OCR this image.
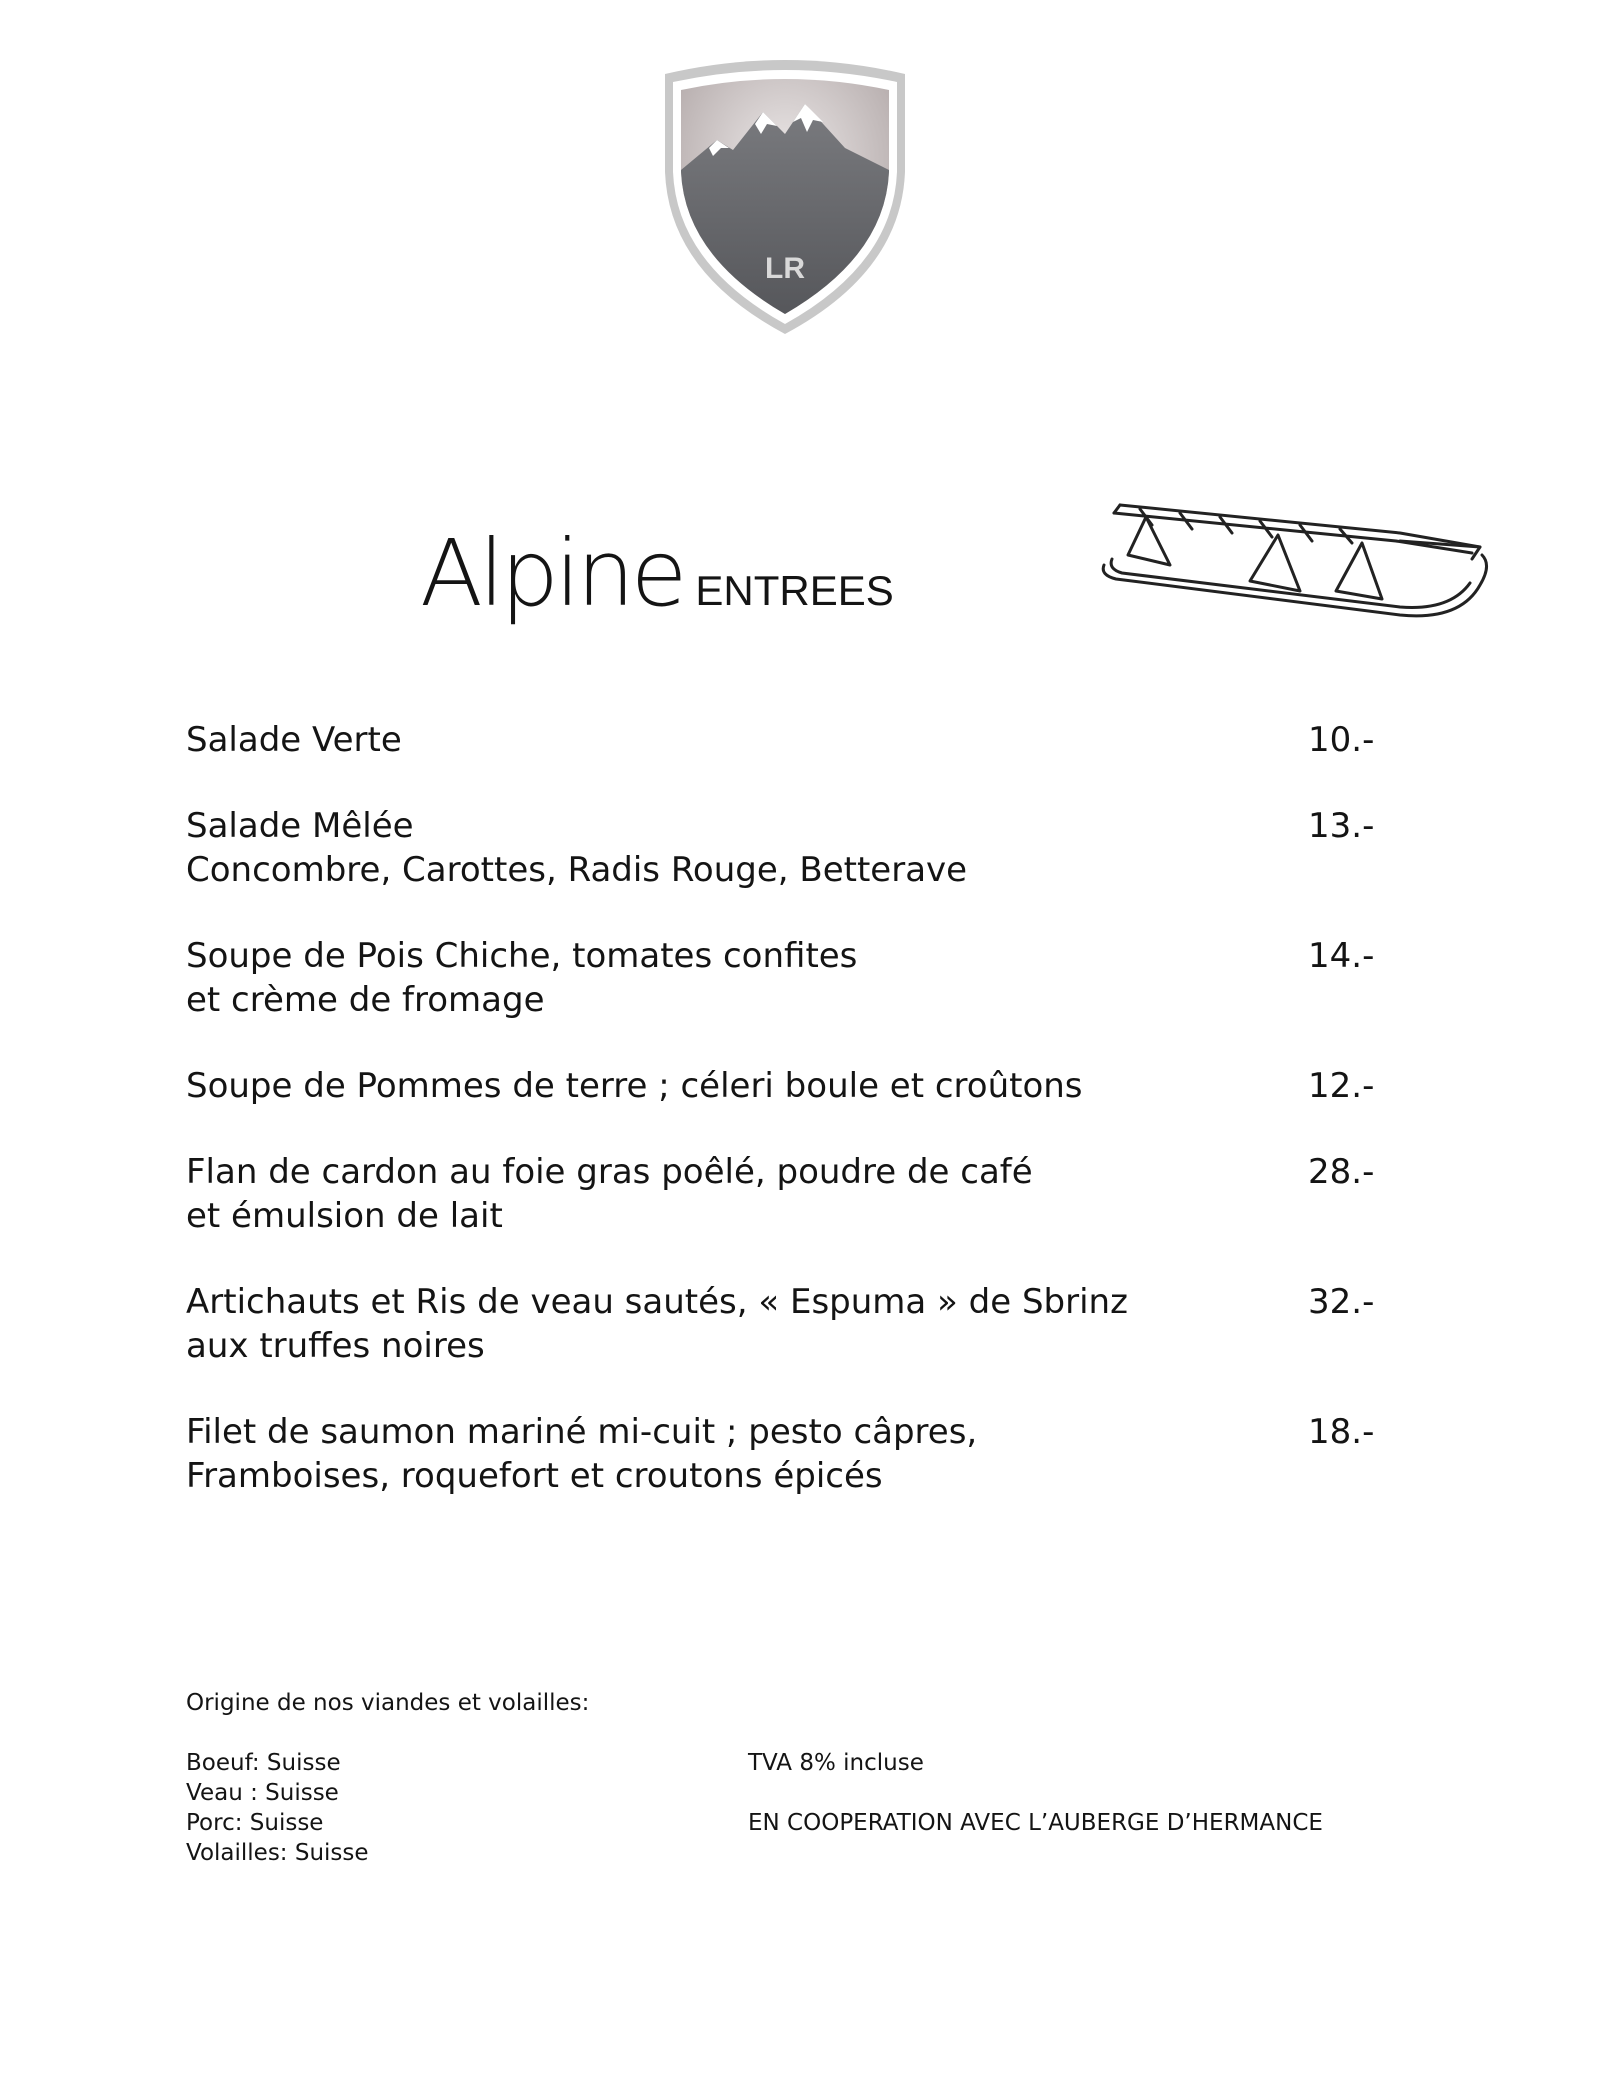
LR
Alpine ENTREES
Salade Verte	10.-
Salade Mêlée
Concombre, Carottes, Radis Rouge, Betterave
13.-
Soupe de Pois Chiche, tomates confites
et crème de fromage
14.-
Soupe de Pommes de terre ; céleri boule et croûtons	12.-
Flan de cardon au foie gras poêlé, poudre de café
et émulsion de lait
28.-
Artichauts et Ris de veau sautés, « Espuma » de Sbrinz
aux truffes noires
32.-
Filet de saumon mariné mi-cuit ; pesto câpres,
Framboises, roquefort et croutons épicés
18.-
Origine de nos viandes et volailles:
Boeuf: Suisse
Veau : Suisse
Porc: Suisse
Volailles: Suisse
TVA 8% incluse
EN COOPERATION AVEC L’AUBERGE D’HERMANCE
